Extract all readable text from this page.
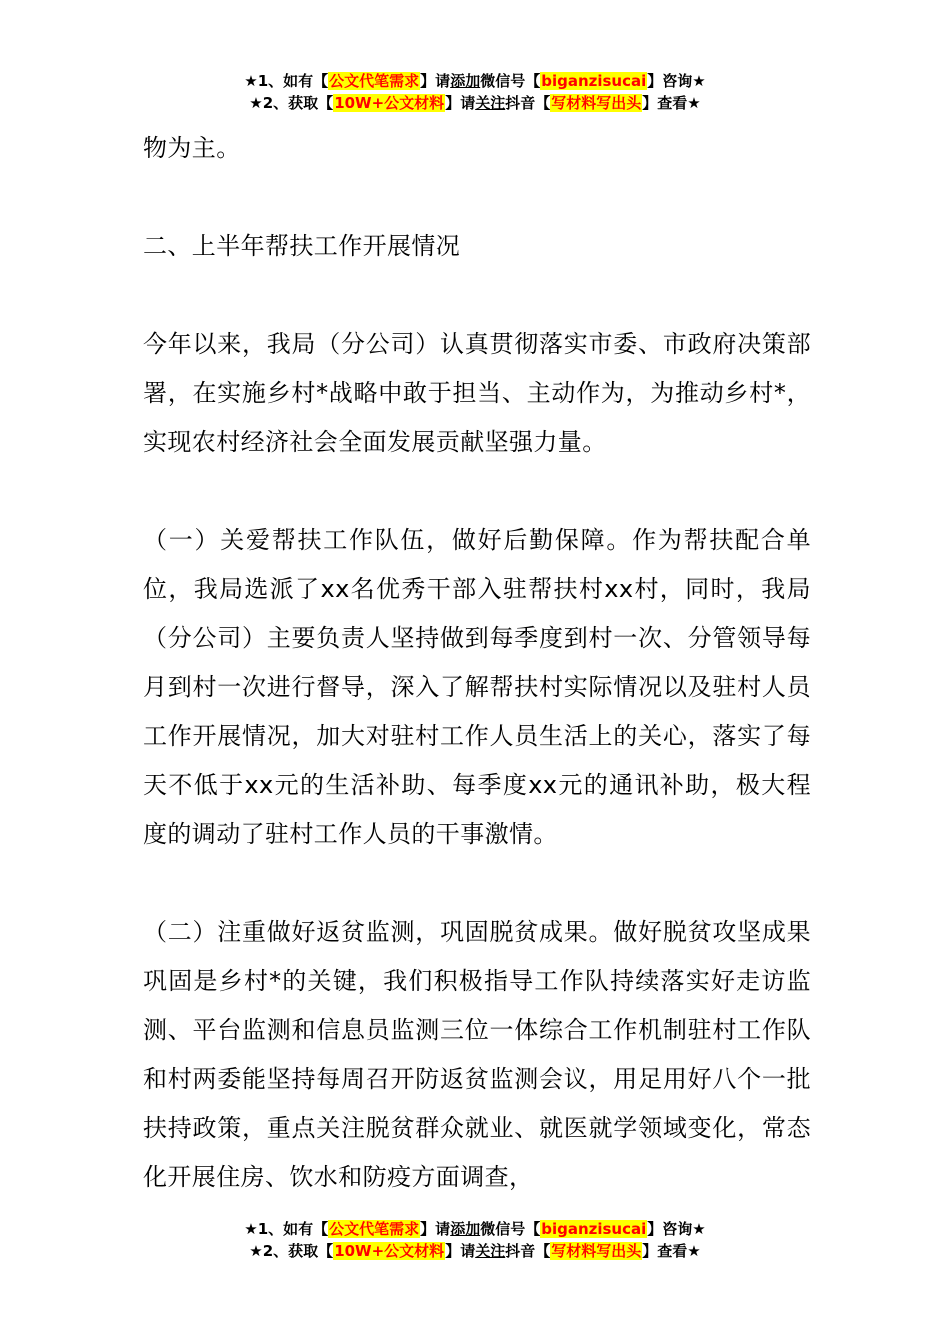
★1、如有【公文代笔需求】请添加微信号【biganzisucai】咨询★
★2、获取【10W+公文材料】请关注抖音【写材料写出头】查看★

物为主。

二、上半年帮扶工作开展情况

今年以来，我局（分公司）认真贯彻落实市委、市政府决策部署，在实施乡村*战略中敢于担当、主动作为，为推动乡村*，实现农村经济社会全面发展贡献坚强力量。

（一）关爱帮扶工作队伍，做好后勤保障。作为帮扶配合单位，我局选派了xx名优秀干部入驻帮扶村xx村，同时，我局（分公司）主要负责人坚持做到每季度到村一次、分管领导每月到村一次进行督导，深入了解帮扶村实际情况以及驻村人员工作开展情况，加大对驻村工作人员生活上的关心，落实了每天不低于xx元的生活补助、每季度xx元的通讯补助，极大程度的调动了驻村工作人员的干事激情。

（二）注重做好返贫监测，巩固脱贫成果。做好脱贫攻坚成果巩固是乡村*的关键，我们积极指导工作队持续落实好走访监测、平台监测和信息员监测三位一体综合工作机制驻村工作队和村两委能坚持每周召开防返贫监测会议，用足用好八个一批扶持政策，重点关注脱贫群众就业、就医就学领域变化，常态化开展住房、饮水和防疫方面调查，

★1、如有【公文代笔需求】请添加微信号【biganzisucai】咨询★
★2、获取【10W+公文材料】请关注抖音【写材料写出头】查看★
